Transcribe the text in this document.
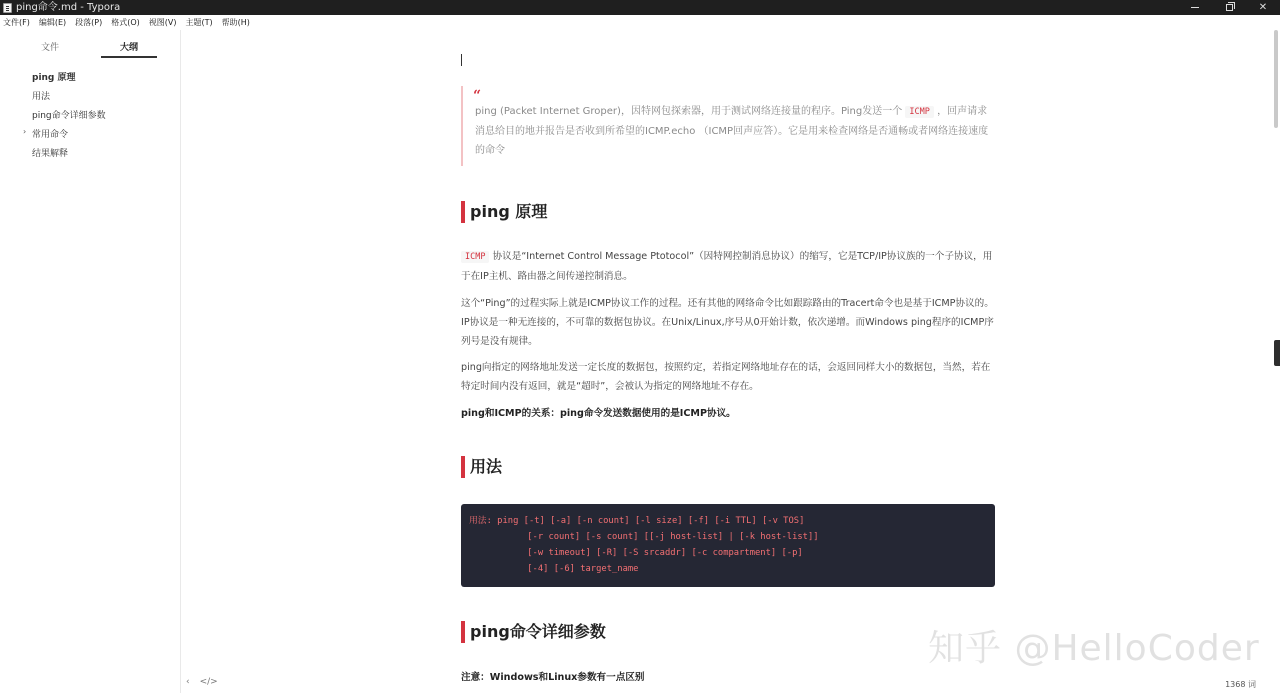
ping命令.md - Typora	✕
文件(F) 编辑(E) 段落(P) 格式(O) 视图(V) 主题(T) 帮助(H)
文件	大纲
ping 原理
用法
ping命令详细参数
› 常用命令
结果解释
“
ping (Packet Internet Groper)，因特网包探索器，用于测试网络连接量的程序。Ping发送一个 ICMP ，回声请求消息给目的地并报告是否收到所希望的ICMP.echo （ICMP回声应答）。它是用来检查网络是否通畅或者网络连接速度的命令
ping 原理
ICMP 协议是“Internet Control Message Ptotocol”（因特网控制消息协议）的缩写，它是TCP/IP协议族的一个子协议，用于在IP主机、路由器之间传递控制消息。
这个“Ping”的过程实际上就是ICMP协议工作的过程。还有其他的网络命令比如跟踪路由的Tracert命令也是基于ICMP协议的。IP协议是一种无连接的，不可靠的数据包协议。在Unix/Linux,序号从0开始计数，依次递增。而Windows ping程序的ICMP序列号是没有规律。
ping向指定的网络地址发送一定长度的数据包，按照约定，若指定网络地址存在的话，会返回同样大小的数据包，当然，若在特定时间内没有返回，就是“超时”，会被认为指定的网络地址不存在。
ping和ICMP的关系：ping命令发送数据使用的是ICMP协议。
用法
用法: ping [-t] [-a] [-n count] [-l size] [-f] [-i TTL] [-v TOS]
[-r count] [-s count] [[-j host-list] | [-k host-list]]
[-w timeout] [-R] [-S srcaddr] [-c compartment] [-p]
[-4] [-6] target_name
ping命令详细参数
注意：Windows和Linux参数有一点区别
‹ </>	1368 词
知乎 @HelloCoder
